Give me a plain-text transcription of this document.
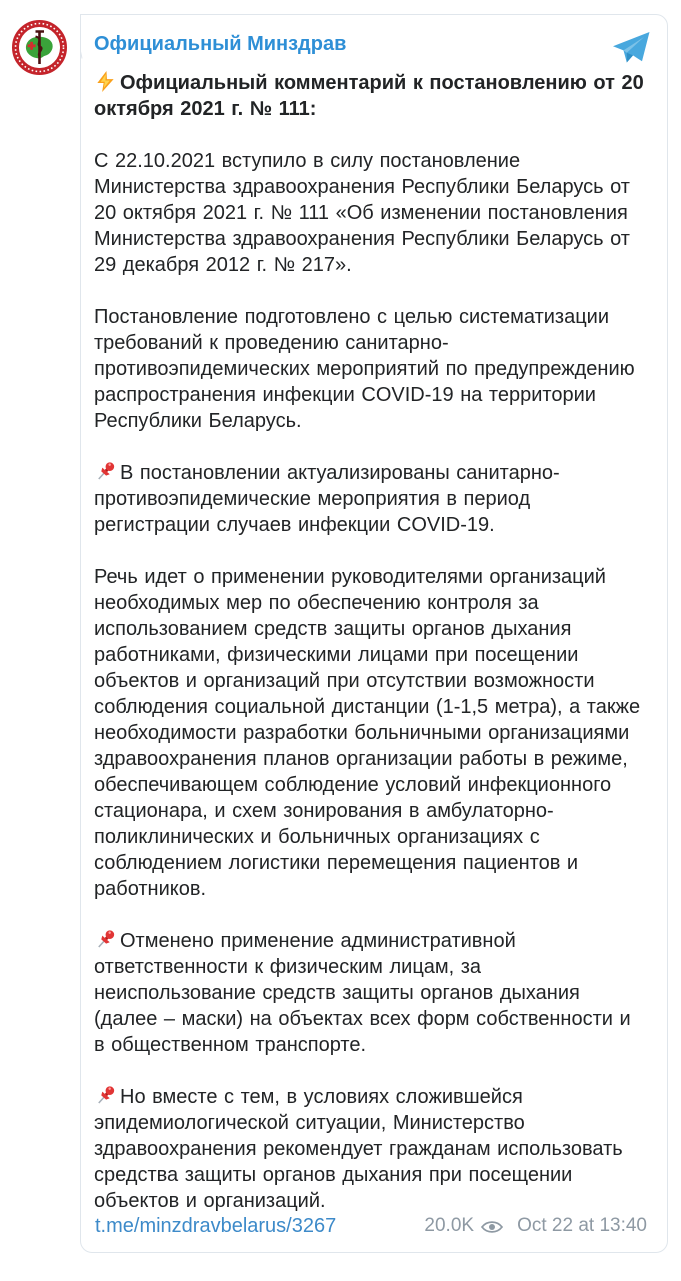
Официальный Минздрав

Официальный комментарий к постановлению от 20 октября 2021 г. № 111:

С 22.10.2021 вступило в силу постановление Министерства здравоохранения Республики Беларусь от 20 октября 2021 г. № 111 «Об изменении постановления Министерства здравоохранения Республики Беларусь от 29 декабря 2012 г. № 217».

Постановление подготовлено с целью систематизации требований к проведению санитарно-противоэпидемических мероприятий по предупреждению распространения инфекции COVID-19 на территории Республики Беларусь.

В постановлении актуализированы санитарно-противоэпидемические мероприятия в период регистрации случаев инфекции COVID-19.

Речь идет о применении руководителями организаций необходимых мер по обеспечению контроля за использованием средств защиты органов дыхания работниками, физическими лицами при посещении объектов и организаций при отсутствии возможности соблюдения социальной дистанции (1-1,5 метра), а также необходимости разработки больничными организациями здравоохранения планов организации работы в режиме, обеспечивающем соблюдение условий инфекционного стационара, и схем зонирования в амбулаторно-поликлинических и больничных организациях с соблюдением логистики перемещения пациентов и работников.

Отменено применение административной ответственности к физическим лицам, за неиспользование средств защиты органов дыхания (далее – маски) на объектах всех форм собственности и в общественном транспорте.

Но вместе с тем, в условиях сложившейся эпидемиологической ситуации, Министерство здравоохранения рекомендует гражданам использовать средства защиты органов дыхания при посещении объектов и организаций.

t.me/minzdravbelarus/3267	20.0K Oct 22 at 13:40
